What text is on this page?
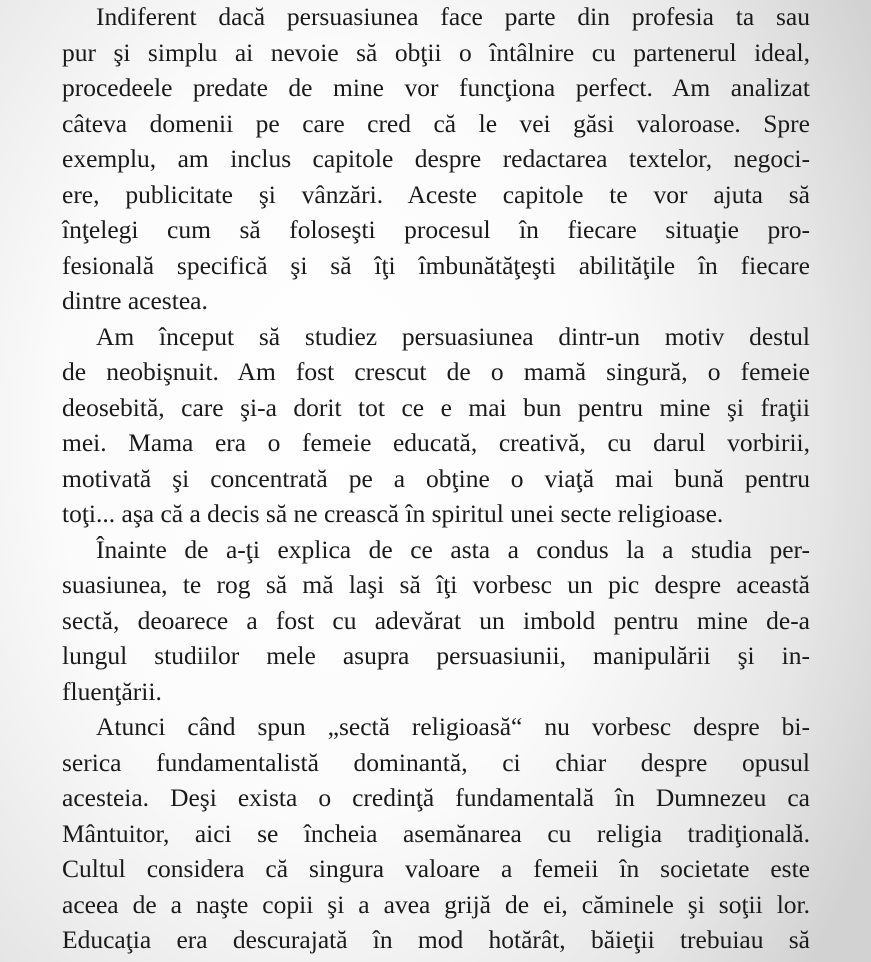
Indiferent dacă persuasiunea face parte din profesia ta sau
pur şi simplu ai nevoie să obţii o întâlnire cu partenerul ideal,
procedeele predate de mine vor funcţiona perfect. Am analizat
câteva domenii pe care cred că le vei găsi valoroase. Spre
exemplu, am inclus capitole despre redactarea textelor, negoci-
ere, publicitate şi vânzări. Aceste capitole te vor ajuta să
înţelegi cum să foloseşti procesul în fiecare situaţie pro-
fesională specifică şi să îţi îmbunătăţeşti abilităţile în fiecare
dintre acestea.
Am început să studiez persuasiunea dintr-un motiv destul
de neobişnuit. Am fost crescut de o mamă singură, o femeie
deosebită, care şi-a dorit tot ce e mai bun pentru mine şi fraţii
mei. Mama era o femeie educată, creativă, cu darul vorbirii,
motivată şi concentrată pe a obţine o viaţă mai bună pentru
toţi... aşa că a decis să ne crească în spiritul unei secte religioase.
Înainte de a-ţi explica de ce asta a condus la a studia per-
suasiunea, te rog să mă laşi să îţi vorbesc un pic despre această
sectă, deoarece a fost cu adevărat un imbold pentru mine de-a
lungul studiilor mele asupra persuasiunii, manipulării şi in-
fluenţării.
Atunci când spun „sectă religioasă“ nu vorbesc despre bi-
serica fundamentalistă dominantă, ci chiar despre opusul
acesteia. Deşi exista o credinţă fundamentală în Dumnezeu ca
Mântuitor, aici se încheia asemănarea cu religia tradiţională.
Cultul considera că singura valoare a femeii în societate este
aceea de a naşte copii şi a avea grijă de ei, căminele şi soţii lor.
Educaţia era descurajată în mod hotărât, băieţii trebuiau să
